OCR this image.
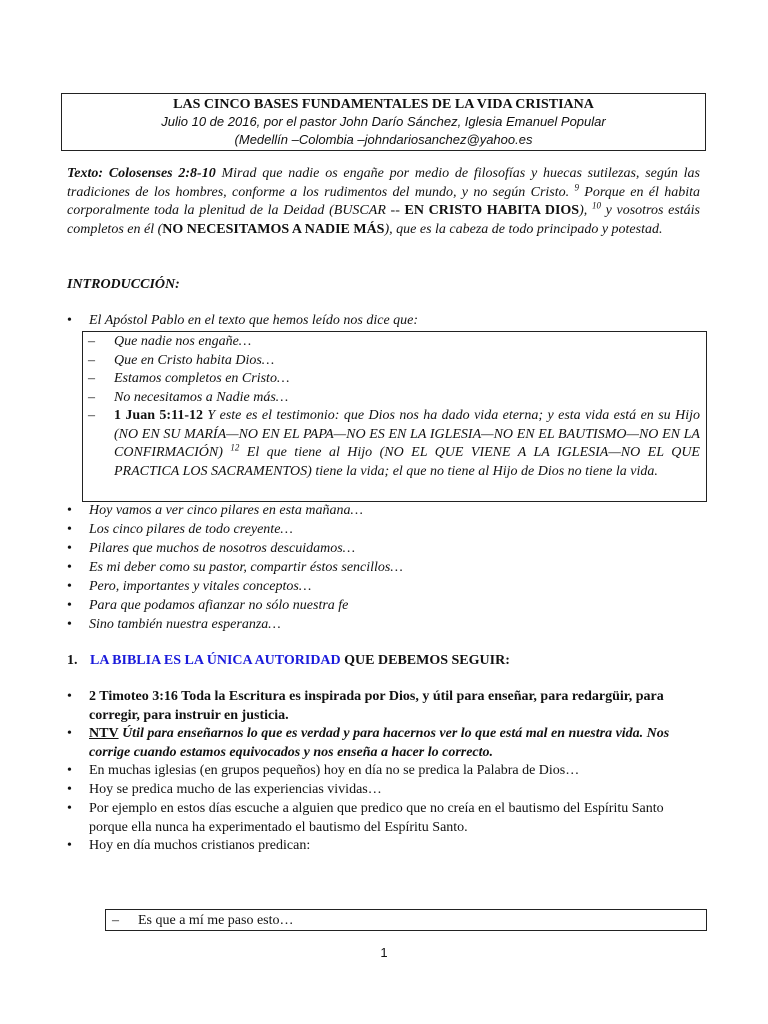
LAS CINCO BASES FUNDAMENTALES DE LA VIDA CRISTIANA
Julio 10 de 2016, por el pastor John Darío Sánchez, Iglesia Emanuel Popular
(Medellín –Colombia –johndariosanchez@yahoo.es
Texto: Colosenses 2:8-10 Mirad que nadie os engañe por medio de filosofías y huecas sutilezas, según las tradiciones de los hombres, conforme a los rudimentos del mundo, y no según Cristo. $^9$ Porque en él habita corporalmente toda la plenitud de la Deidad (BUSCAR -- EN CRISTO HABITA DIOS), $^{10}$ y vosotros estáis completos en él (NO NECESITAMOS A NADIE MÁS), que es la cabeza de todo principado y potestad.
INTRODUCCIÓN:
•	El Apóstol Pablo en el texto que hemos leído nos dice que:
–	Que nadie nos engañe…
–	Que en Cristo habita Dios…
–	Estamos completos en Cristo…
–	No necesitamos a Nadie más…
–	1 Juan 5:11-12 Y este es el testimonio: que Dios nos ha dado vida eterna; y esta vida está en su Hijo (NO EN SU MARÍA—NO EN EL PAPA—NO ES EN LA IGLESIA—NO EN EL BAUTISMO—NO EN LA CONFIRMACIÓN) $^{12}$ El que tiene al Hijo (NO EL QUE VIENE A LA IGLESIA—NO EL QUE PRACTICA LOS SACRAMENTOS) tiene la vida; el que no tiene al Hijo de Dios no tiene la vida.
•	Hoy vamos a ver cinco pilares en esta mañana…
•	Los cinco pilares de todo creyente…
•	Pilares que muchos de nosotros descuidamos…
•	Es mi deber como su pastor, compartir éstos sencillos…
•	Pero, importantes y vitales conceptos…
•	Para que podamos afianzar no sólo nuestra fe
•	Sino también nuestra esperanza…
1. LA BIBLIA ES LA ÚNICA AUTORIDAD QUE DEBEMOS SEGUIR:
•	2 Timoteo 3:16 Toda la Escritura es inspirada por Dios, y útil para enseñar, para redargüir, para corregir, para instruir en justicia.
•	NTV Útil para enseñarnos lo que es verdad y para hacernos ver lo que está mal en nuestra vida. Nos corrige cuando estamos equivocados y nos enseña a hacer lo correcto.
•	En muchas iglesias (en grupos pequeños) hoy en día no se predica la Palabra de Dios…
•	Hoy se predica mucho de las experiencias vividas…
•	Por ejemplo en estos días escuche a alguien que predico que no creía en el bautismo del Espíritu Santo porque ella nunca ha experimentado el bautismo del Espíritu Santo.
•	Hoy en día muchos cristianos predican:
–	Es que a mí me paso esto…
1
